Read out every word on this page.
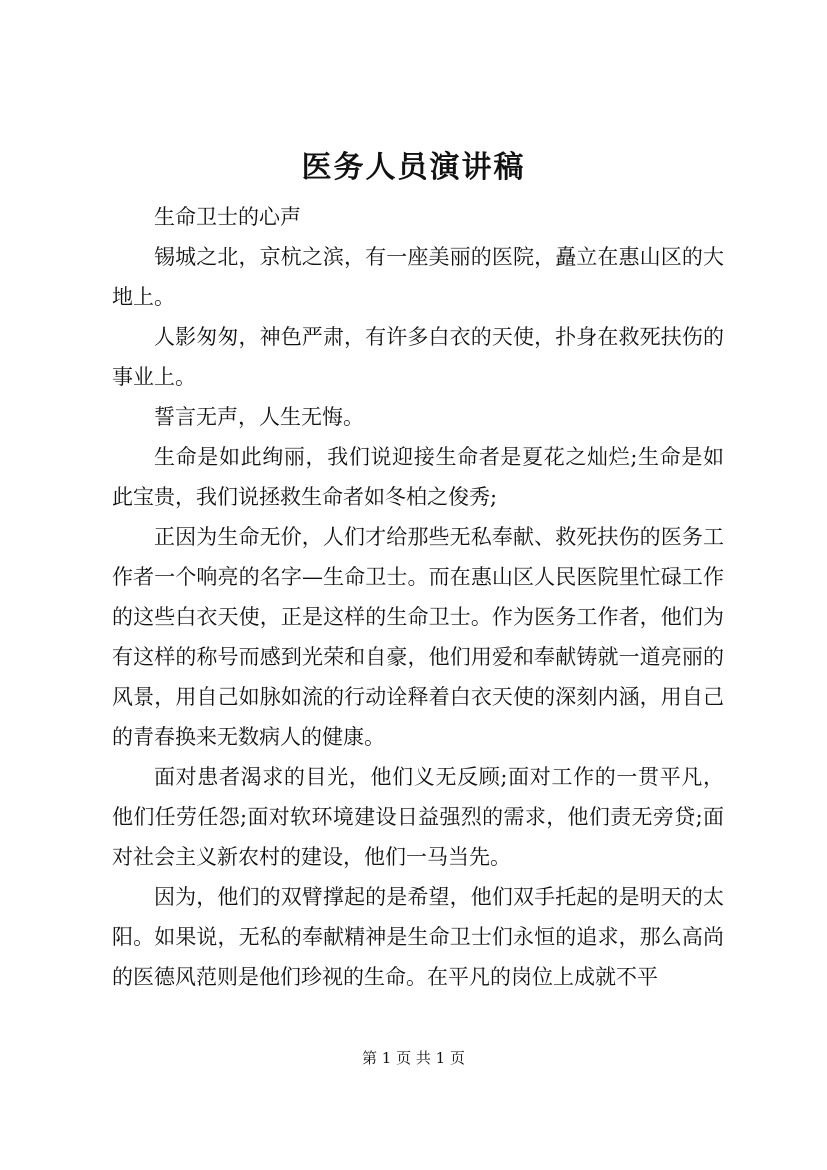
医务人员演讲稿

生命卫士的心声

锡城之北，京杭之滨，有一座美丽的医院，矗立在惠山区的大地上。

人影匆匆，神色严肃，有许多白衣的天使，扑身在救死扶伤的事业上。

誓言无声，人生无悔。

生命是如此绚丽，我们说迎接生命者是夏花之灿烂;生命是如此宝贵，我们说拯救生命者如冬柏之俊秀;

正因为生命无价，人们才给那些无私奉献、救死扶伤的医务工作者一个响亮的名字—生命卫士。而在惠山区人民医院里忙碌工作的这些白衣天使，正是这样的生命卫士。作为医务工作者，他们为有这样的称号而感到光荣和自豪，他们用爱和奉献铸就一道亮丽的风景，用自己如脉如流的行动诠释着白衣天使的深刻内涵，用自己的青春换来无数病人的健康。

面对患者渴求的目光，他们义无反顾;面对工作的一贯平凡，他们任劳任怨;面对软环境建设日益强烈的需求，他们责无旁贷;面对社会主义新农村的建设，他们一马当先。

因为，他们的双臂撑起的是希望，他们双手托起的是明天的太阳。如果说，无私的奉献精神是生命卫士们永恒的追求，那么高尚的医德风范则是他们珍视的生命。在平凡的岗位上成就不平

第 1 页 共 1 页
